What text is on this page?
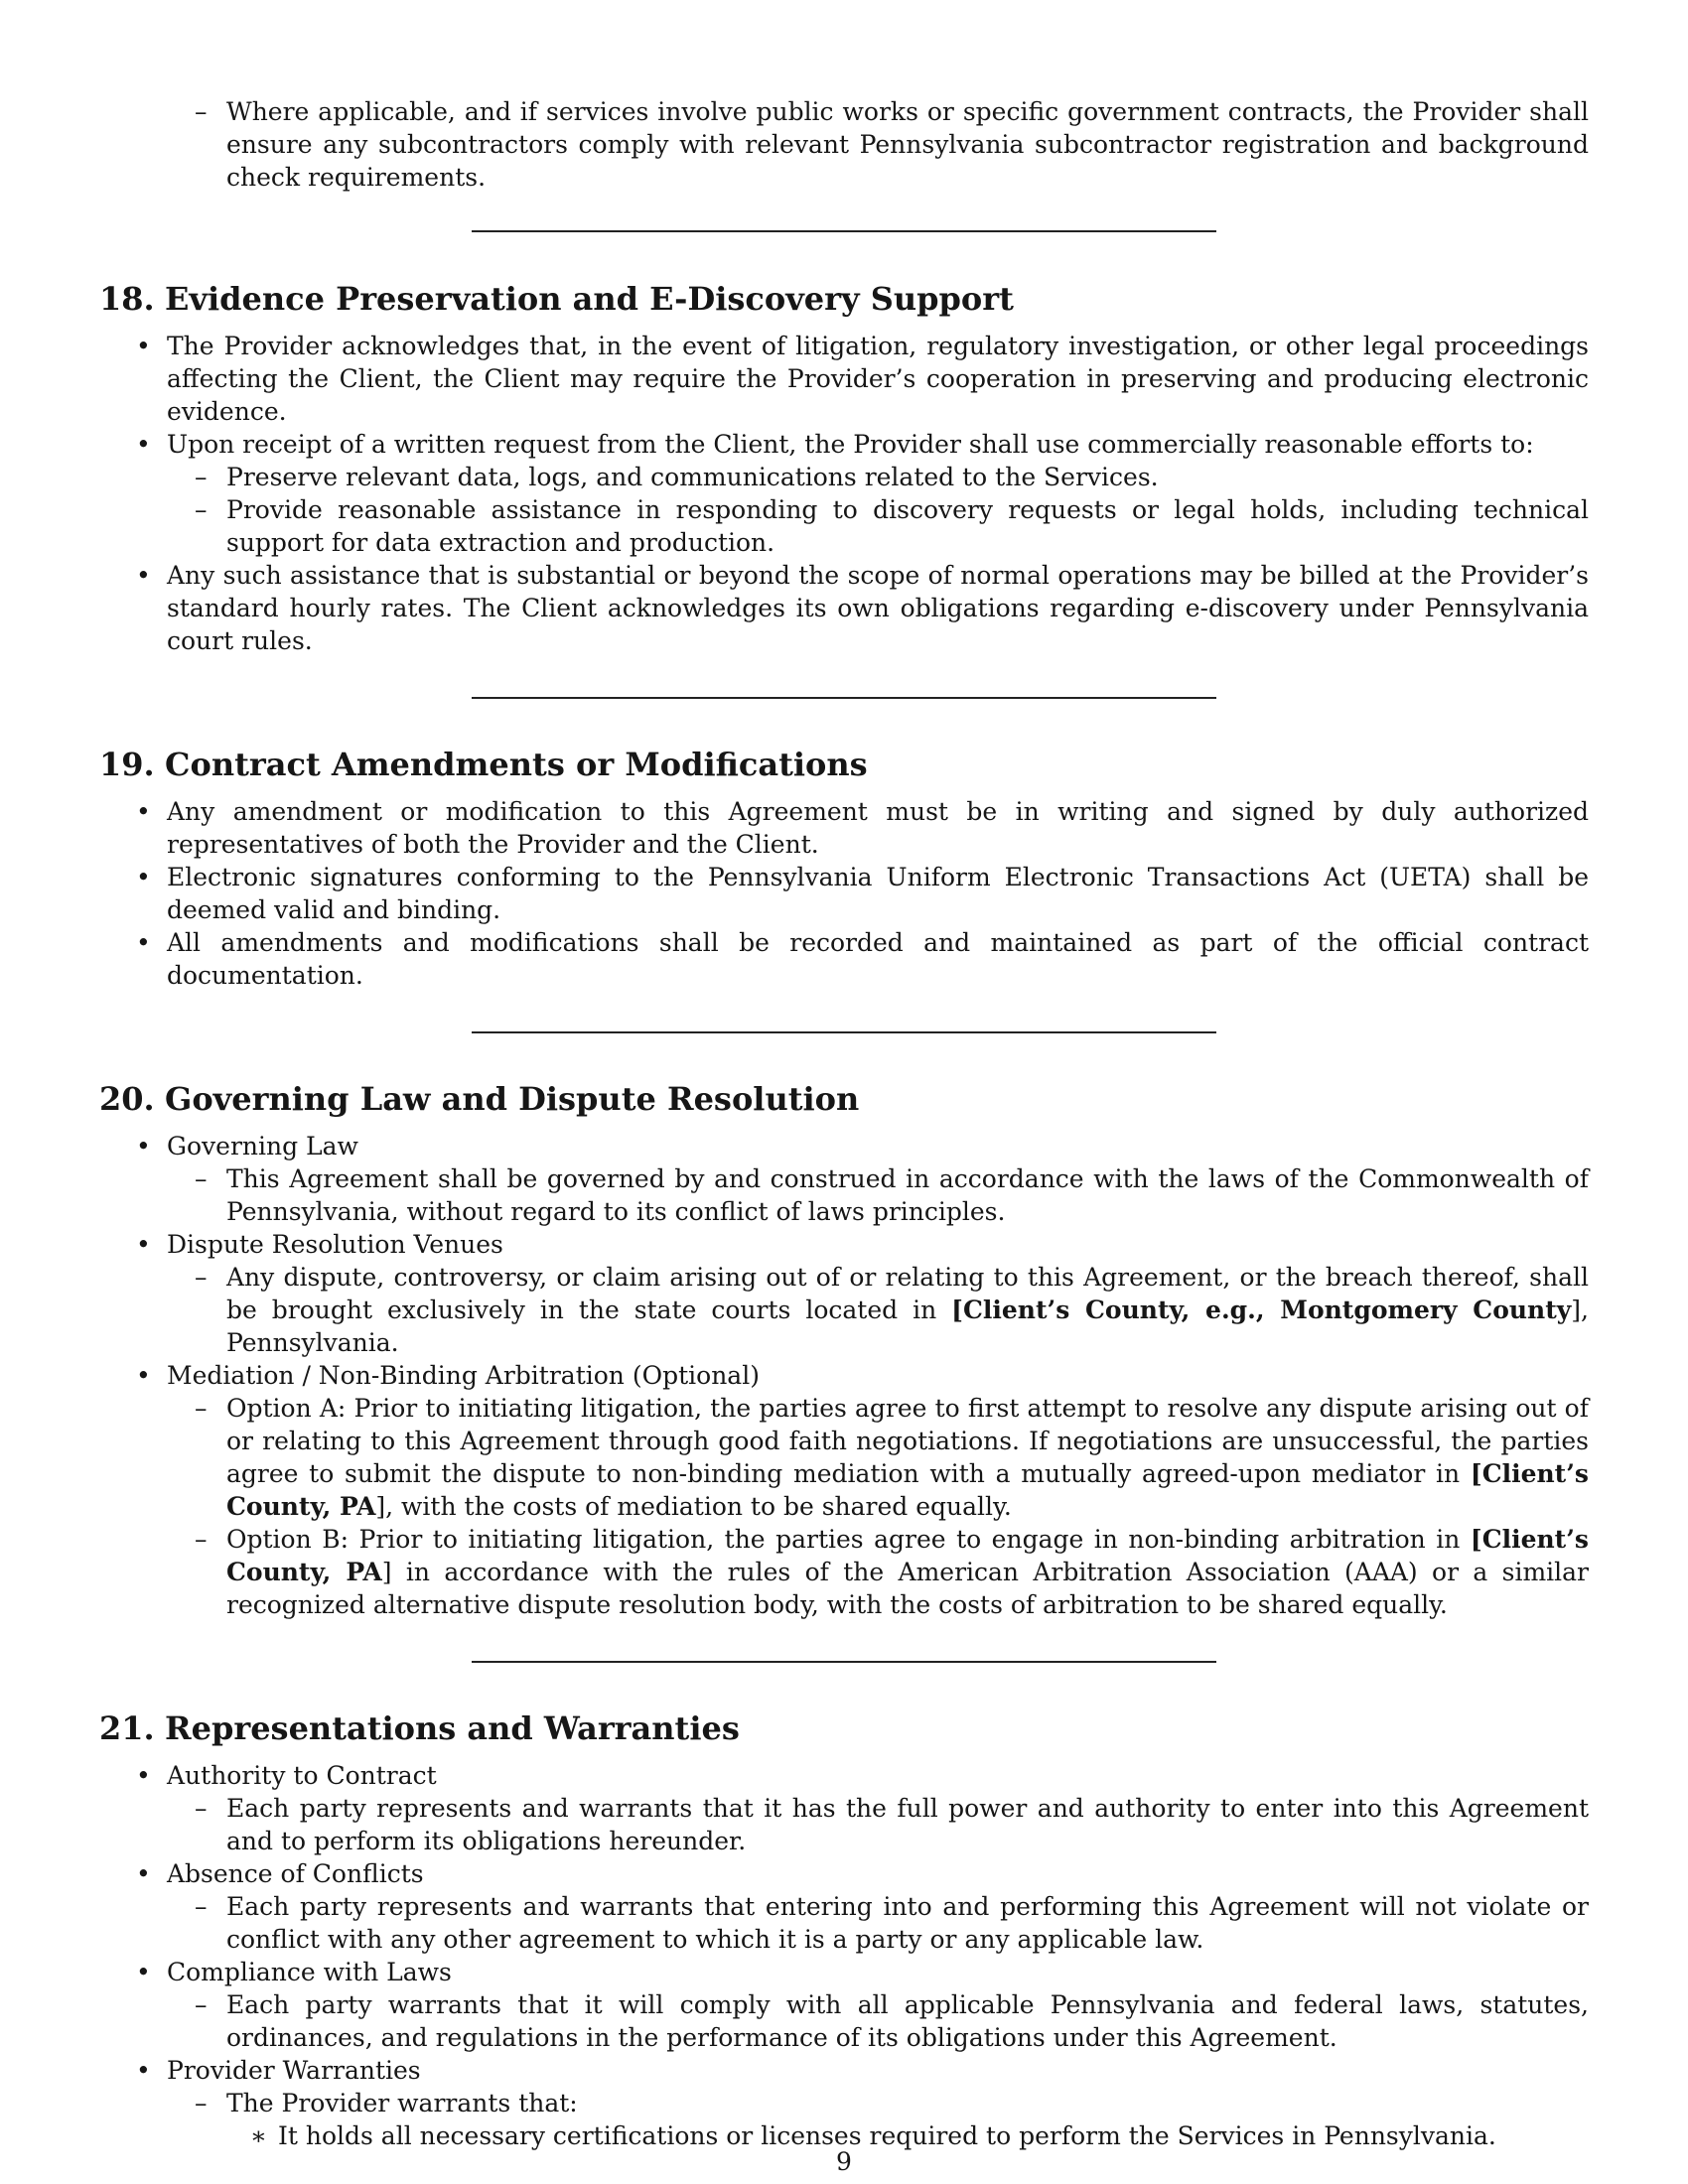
– Where applicable, and if services involve public works or specific government contracts, the Provider shall ensure any subcontractors comply with relevant Pennsylvania subcontractor registration and background check requirements.
18. Evidence Preservation and E-Discovery Support
• The Provider acknowledges that, in the event of litigation, regulatory investigation, or other legal proceedings affecting the Client, the Client may require the Provider’s cooperation in preserving and producing electronic evidence.
• Upon receipt of a written request from the Client, the Provider shall use commercially reasonable efforts to:
– Preserve relevant data, logs, and communications related to the Services.
– Provide reasonable assistance in responding to discovery requests or legal holds, including technical support for data extraction and production.
• Any such assistance that is substantial or beyond the scope of normal operations may be billed at the Provider’s standard hourly rates. The Client acknowledges its own obligations regarding e-discovery under Pennsylvania court rules.
19. Contract Amendments or Modifications
• Any amendment or modification to this Agreement must be in writing and signed by duly authorized representatives of both the Provider and the Client.
• Electronic signatures conforming to the Pennsylvania Uniform Electronic Transactions Act (UETA) shall be deemed valid and binding.
• All amendments and modifications shall be recorded and maintained as part of the official contract documentation.
20. Governing Law and Dispute Resolution
• Governing Law
– This Agreement shall be governed by and construed in accordance with the laws of the Commonwealth of Pennsylvania, without regard to its conflict of laws principles.
• Dispute Resolution Venues
– Any dispute, controversy, or claim arising out of or relating to this Agreement, or the breach thereof, shall be brought exclusively in the state courts located in [Client’s County, e.g., Montgomery County], Pennsylvania.
• Mediation / Non-Binding Arbitration (Optional)
– Option A: Prior to initiating litigation, the parties agree to first attempt to resolve any dispute arising out of or relating to this Agreement through good faith negotiations. If negotiations are unsuccessful, the parties agree to submit the dispute to non-binding mediation with a mutually agreed-upon mediator in [Client’s County, PA], with the costs of mediation to be shared equally.
– Option B: Prior to initiating litigation, the parties agree to engage in non-binding arbitration in [Client’s County, PA] in accordance with the rules of the American Arbitration Association (AAA) or a similar recognized alternative dispute resolution body, with the costs of arbitration to be shared equally.
21. Representations and Warranties
• Authority to Contract
– Each party represents and warrants that it has the full power and authority to enter into this Agreement and to perform its obligations hereunder.
• Absence of Conflicts
– Each party represents and warrants that entering into and performing this Agreement will not violate or conflict with any other agreement to which it is a party or any applicable law.
• Compliance with Laws
– Each party warrants that it will comply with all applicable Pennsylvania and federal laws, statutes, ordinances, and regulations in the performance of its obligations under this Agreement.
• Provider Warranties
– The Provider warrants that:
∗ It holds all necessary certifications or licenses required to perform the Services in Pennsylvania.
9
